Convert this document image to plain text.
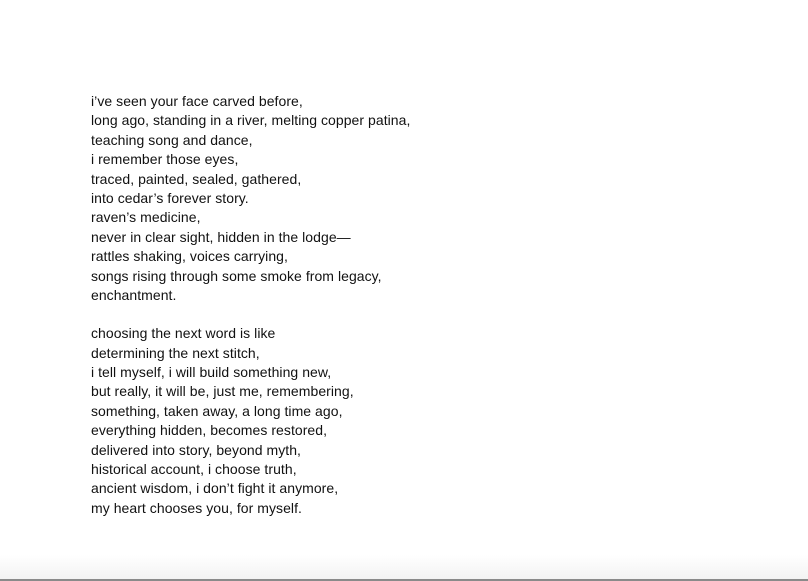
i’ve seen your face carved before,
long ago, standing in a river, melting copper patina,
teaching song and dance,
i remember those eyes,
traced, painted, sealed, gathered,
into cedar’s forever story.
raven’s medicine,
never in clear sight, hidden in the lodge—
rattles shaking, voices carrying,
songs rising through some smoke from legacy,
enchantment.
choosing the next word is like
determining the next stitch,
i tell myself, i will build something new,
but really, it will be, just me, remembering,
something, taken away, a long time ago,
everything hidden, becomes restored,
delivered into story, beyond myth,
historical account, i choose truth,
ancient wisdom, i don’t fight it anymore,
my heart chooses you, for myself.
